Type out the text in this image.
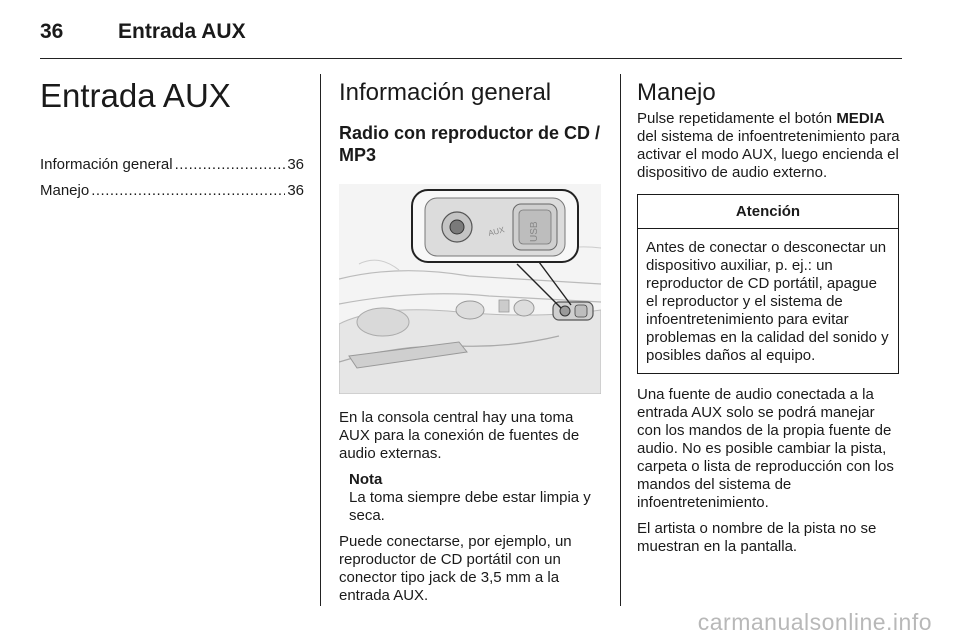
36	Entrada AUX
Entrada AUX
Información general .....	36
Manejo .....	36
Información general
Radio con reproductor de CD / MP3
AUX USB

En la consola central hay una toma AUX para la conexión de fuentes de audio externas.

Nota
La toma siempre debe estar limpia y seca.

Puede conectarse, por ejemplo, un reproductor de CD portátil con un conector tipo jack de 3,5 mm a la entrada AUX.

Manejo

Pulse repetidamente el botón MEDIA del sistema de infoentretenimiento para activar el modo AUX, luego encienda el dispositivo de audio externo.

Atención
Antes de conectar o desconectar un dispositivo auxiliar, p. ej.: un reproductor de CD portátil, apague el reproductor y el sistema de infoentretenimiento para evitar problemas en la calidad del sonido y posibles daños al equipo.

Una fuente de audio conectada a la entrada AUX solo se podrá manejar con los mandos de la propia fuente de audio. No es posible cambiar la pista, carpeta o lista de reproducción con los mandos del sistema de infoentretenimiento.

El artista o nombre de la pista no se muestran en la pantalla.

carmanualsonline.info
